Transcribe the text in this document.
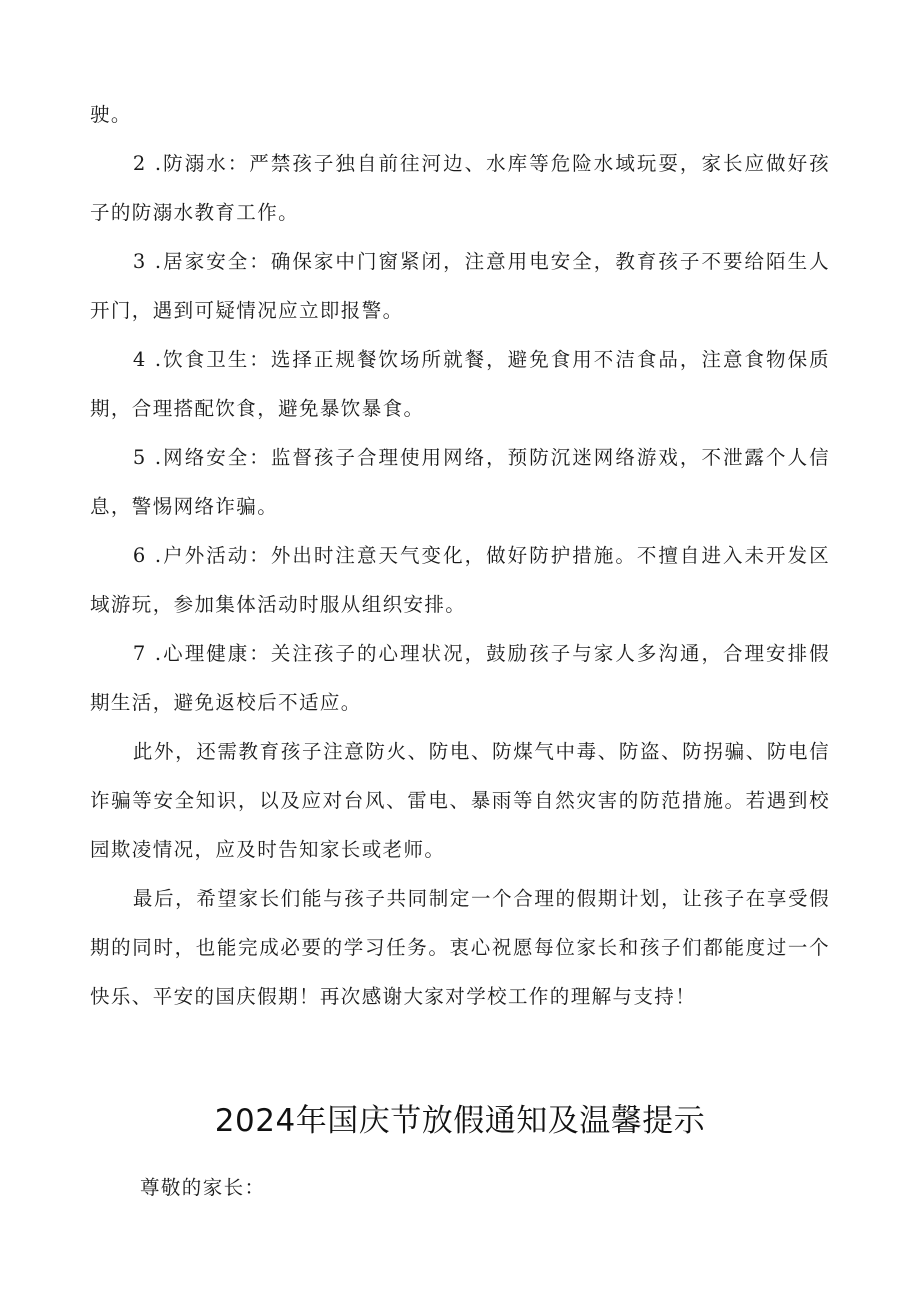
驶。

2 .防溺水：严禁孩子独自前往河边、水库等危险水域玩耍，家长应做好孩子的防溺水教育工作。

3 .居家安全：确保家中门窗紧闭，注意用电安全，教育孩子不要给陌生人开门，遇到可疑情况应立即报警。

4 .饮食卫生：选择正规餐饮场所就餐，避免食用不洁食品，注意食物保质期，合理搭配饮食，避免暴饮暴食。

5 .网络安全：监督孩子合理使用网络，预防沉迷网络游戏，不泄露个人信息，警惕网络诈骗。

6 .户外活动：外出时注意天气变化，做好防护措施。不擅自进入未开发区域游玩，参加集体活动时服从组织安排。

7 .心理健康：关注孩子的心理状况，鼓励孩子与家人多沟通，合理安排假期生活，避免返校后不适应。

此外，还需教育孩子注意防火、防电、防煤气中毒、防盗、防拐骗、防电信诈骗等安全知识，以及应对台风、雷电、暴雨等自然灾害的防范措施。若遇到校园欺凌情况，应及时告知家长或老师。

最后，希望家长们能与孩子共同制定一个合理的假期计划，让孩子在享受假期的同时，也能完成必要的学习任务。衷心祝愿每位家长和孩子们都能度过一个快乐、平安的国庆假期！再次感谢大家对学校工作的理解与支持！

2024年国庆节放假通知及温馨提示

尊敬的家长：
